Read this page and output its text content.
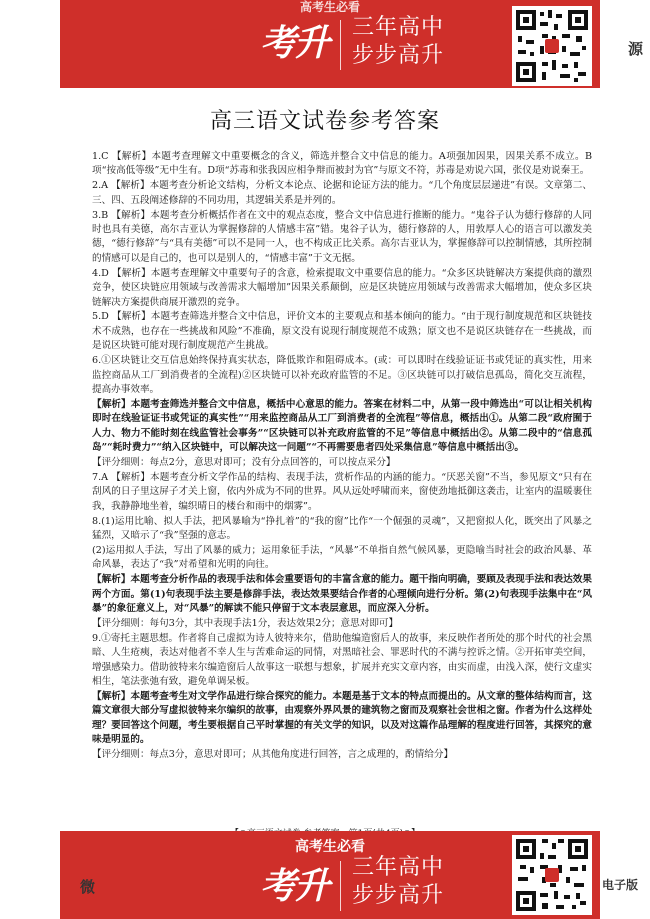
高考生必看
考升 三年高中
步步高升	源
高三语文试卷参考答案

1.C 【解析】本题考查理解文中重要概念的含义，筛选并整合文中信息的能力。A项强加因果，因果关系不成立。B项“按高低等级”无中生有。D项“苏毒和张我因应相争辩而被封为官”与原文不符，苏毒是劝说六国，张仪是劝说秦王。

2.A 【解析】本题考查分析论文结构，分析文本论点、论据和论证方法的能力。“几个角度层层递进”有误。文章第二、三、四、五段阐述修辞的不同功用，其逻辑关系是并列的。

3.B 【解析】本题考查分析概括作者在文中的观点态度，整合文中信息进行推断的能力。“鬼谷子认为德行修辞的人同时也具有美德，高尔吉亚认为掌握修辞的人情感丰富”错。鬼谷子认为，德行修辞的人，用敦厚人心的语言可以激发美德，“德行修辞”与“具有美德”可以不是同一人，也不构成正比关系。高尔吉亚认为，掌握修辞可以控制情感，其所控制的情感可以是自己的，也可以是别人的，“情感丰富”于文无据。

4.D 【解析】本题考查理解文中重要句子的含意，检索提取文中重要信息的能力。“众多区块链解决方案提供商的激烈竞争，使区块链应用领域与改善需求大幅增加”因果关系颠倒，应是区块链应用领域与改善需求大幅增加，使众多区块链解决方案提供商展开激烈的竞争。

5.D 【解析】本题考查筛选并整合文中信息，评价文本的主要观点和基本倾向的能力。“由于现行制度规范和区块链技术不成熟，也存在一些挑战和风险”不准确，原文没有说现行制度规范不成熟；原文也不是说区块链存在一些挑战，而是说区块链可能对现行制度规范产生挑战。

6.①区块链让交互信息始终保持真实状态，降低欺诈和阻碍成本。(或：可以即时在线验证证书或凭证的真实性，用来监控商品从工厂到消费者的全流程)②区块链可以补充政府监管的不足。③区块链可以打破信息孤岛，简化交互流程，提高办事效率。

【解析】本题考查筛选并整合文中信息，概括中心意思的能力。答案在材料二中，从第一段中筛选出“可以让相关机构即时在线验证证书或凭证的真实性”“用来监控商品从工厂到消费者的全流程”等信息，概括出①。从第二段“政府囿于人力、物力不能时刻在线监管社会事务”“区块链可以补充政府监管的不足”等信息中概括出②。从第二段中的“信息孤岛”“耗时费力”“纳入区块链中，可以解决这一问题”“不再需要患者四处采集信息”等信息中概括出③。

【评分细则：每点2分，意思对即可；没有分点回答的，可以按点采分】

7.A 【解析】本题考查分析文学作品的结构、表现手法，赏析作品的内涵的能力。“厌恶关窗”不当，参见原文“只有在刮风的日子里这屏子才关上窗，依内外成为不同的世界。风从远处呼啸而来，窗使劲地抵御这袭击，让室内的温暖裹住我，我静静地坐着，编织晴日的楼台和雨中的烟雾”。

8.(1)运用比喻、拟人手法，把风暴喻为“挣扎着”的“我的窗”比作“一个倔强的灵魂”，又把窗拟人化，既突出了风暴之猛烈，又暗示了“我”坚强的意志。

(2)运用拟人手法，写出了风暴的威力；运用象征手法，“风暴”不单指自然气候风暴，更隐喻当时社会的政治风暴、革命风暴，表达了“我”对希望和光明的向往。

【解析】本题考查分析作品的表现手法和体会重要语句的丰富含意的能力。题干指向明确，要顾及表现手法和表达效果两个方面。第(1)句表现手法主要是修辞手法，表达效果要结合作者的心理倾向进行分析。第(2)句表现手法集中在“风暴”的象征意义上，对“风暴”的解读不能只停留于文本表层意思，而应深入分析。

【评分细则：每句3分，其中表现手法1分，表达效果2分；意思对即可】

9.①寄托主题思想。作者将自己虚拟为诗人彼特来尔，借助他编造窗后人的故事，来反映作者所处的那个时代的社会黑暗、人生疮痍，表达对他者不幸人生与苦难命运的同情，对黑暗社会、罪恶时代的不满与控诉之情。②开拓审美空间，增强感染力。借助彼特来尔编造窗后人故事这一联想与想象，扩展并充实文章内容，由实而虚，由浅入深，使行文虚实相生，笔法张弛有致，避免单调呆板。

【解析】本题考查考生对文学作品进行综合探究的能力。本题是基于文本的特点而提出的。从文章的整体结构而言，这篇文章很大部分写虚拟彼特来尔编织的故事，由观察外界风景的建筑物之窗而及观察社会世相之窗。作者为什么这样处理？要回答这个问题，考生要根据自己平时掌握的有关文学的知识，以及对这篇作品理解的程度进行回答，其探究的意味是明显的。

【评分细则：每点3分，意思对即可；从其他角度进行回答，言之成理的，酌情给分】

高考生必看
考升 三年高中
步步高升
微	电子版
